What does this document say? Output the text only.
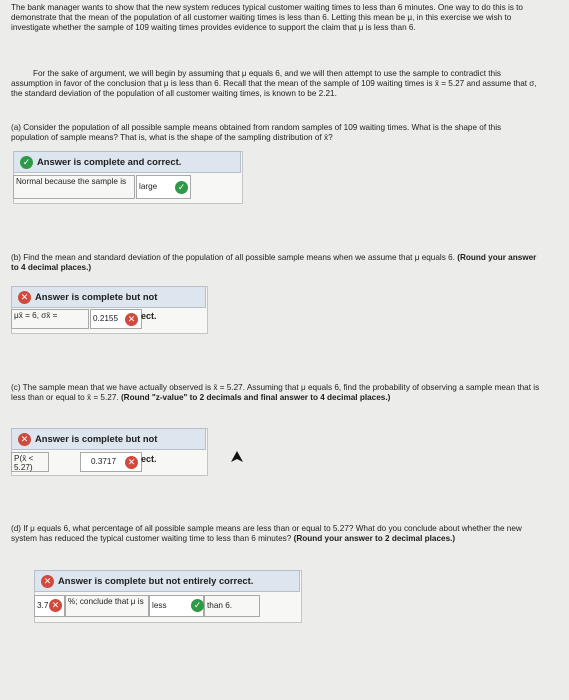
The bank manager wants to show that the new system reduces typical customer waiting times to less than 6 minutes. One way to do this is to demonstrate that the mean of the population of all customer waiting times is less than 6. Letting this mean be μ, in this exercise we wish to investigate whether the sample of 109 waiting times provides evidence to support the claim that μ is less than 6.
For the sake of argument, we will begin by assuming that μ equals 6, and we will then attempt to use the sample to contradict this assumption in favor of the conclusion that μ is less than 6. Recall that the mean of the sample of 109 waiting times is x̄ = 5.27 and assume that σ, the standard deviation of the population of all customer waiting times, is known to be 2.21.
(a) Consider the population of all possible sample means obtained from random samples of 109 waiting times. What is the shape of this population of sample means? That is, what is the shape of the sampling distribution of x̄?
✓ Answer is complete and correct.
Normal because the sample is
large	✓
(b) Find the mean and standard deviation of the population of all possible sample means when we assume that μ equals 6. (Round your answer to 4 decimal places.)
✕ Answer is complete but not
μx̄ = 6, σx̄ =	0.2155	✕ ect.
(c) The sample mean that we have actually observed is x̄ = 5.27. Assuming that μ equals 6, find the probability of observing a sample mean that is less than or equal to x̄ = 5.27. (Round "z-value" to 2 decimals and final answer to 4 decimal places.)
✕ Answer is complete but not
P(x̄ < 5.27)
0.3717	✕ ect.
(d) If μ equals 6, what percentage of all possible sample means are less than or equal to 5.27? What do you conclude about whether the new system has reduced the typical customer waiting time to less than 6 minutes? (Round your answer to 2 decimal places.)
✕ Answer is complete but not entirely correct.
3.7 ✕	%; conclude that μ is	less	✓ than 6.
